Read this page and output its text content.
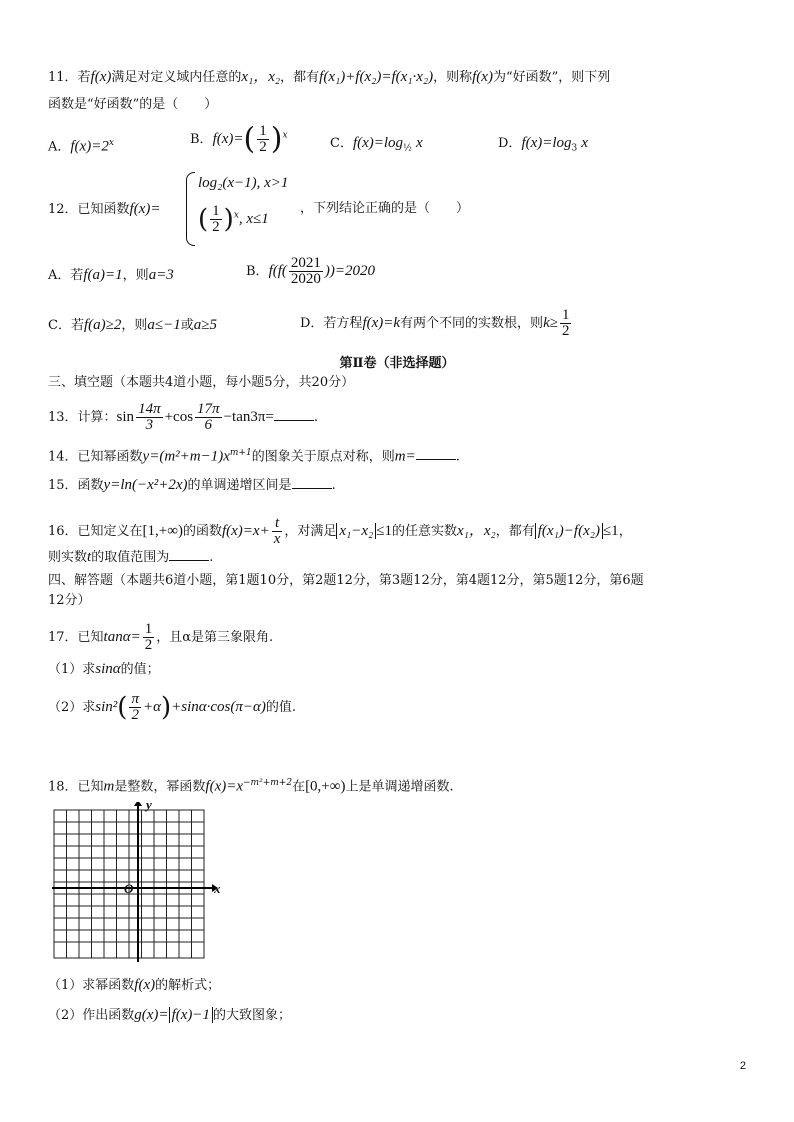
11．若f(x)满足对定义域内任意的x₁，x₂，都有f(x₁)+f(x₂)=f(x₁·x₂)，则称f(x)为“好函数”，则下列
函数是“好函数”的是（　　）
A．$f(x)=2^x$	B．$f(x)=( \frac{1}{2} )^x$
C．$f(x)=\log_{\frac{1}{2}}$ x	D．$f(x)=\log_3$ x
12．已知函数f(x)=
log₂(x−1), x>1
( $\frac{1}{2} )^x$, x≤1
，下列结论正确的是（　　）
A．若f(a)=1，则a=3	B．$f(f( \frac{2021}{2020} ))=2020$
C．若f(a)≥2，则a≤−1或a≥5	D．若方程f(x)=k有两个不同的实数根，则$k\ge \frac{1}{2}$
第Ⅱ卷（非选择题）
三、填空题（本题共4道小题，每小题5分，共20分）
13．计算：$\sin \frac{14\pi}{3} +\cos \frac{17\pi}{6} -\tan 3\pi=$	.
14．已知幂函数$y=(m^2+m-1)x^{m+1}$的图象关于原点对称，则m=	.
15．函数y=ln(−x²+2x)的单调递增区间是	.
16．已知定义在[1,+∞)的函数$f(x)=x+ \frac{t}{x}$ ，对满足 x₁−x₂ ≤1的任意实数x₁，x₂，都有 f(x₁)−f(x₂) ≤1，
则实数t的取值范围为	.
四、解答题（本题共6道小题，第1题10分，第2题12分，第3题12分，第4题12分，第5题12分，第6题
12分）
17．已知$\tan\alpha= \frac{1}{2}$ ，且α是第三象限角.
（1）求sinα的值；
（2）求$\sin^2( \frac{\pi}{2} +\alpha)+\sin\alpha\cdot\cos(\pi-\alpha)$的值.
18．已知m是整数，幂函数$f(x)=x^{-m^2+m+2}$在[0,+∞)上是单调递增函数.
y
x
O
（1）求幂函数f(x)的解析式；
（2）作出函数g(x)= f(x)−1 的大致图象；
2
